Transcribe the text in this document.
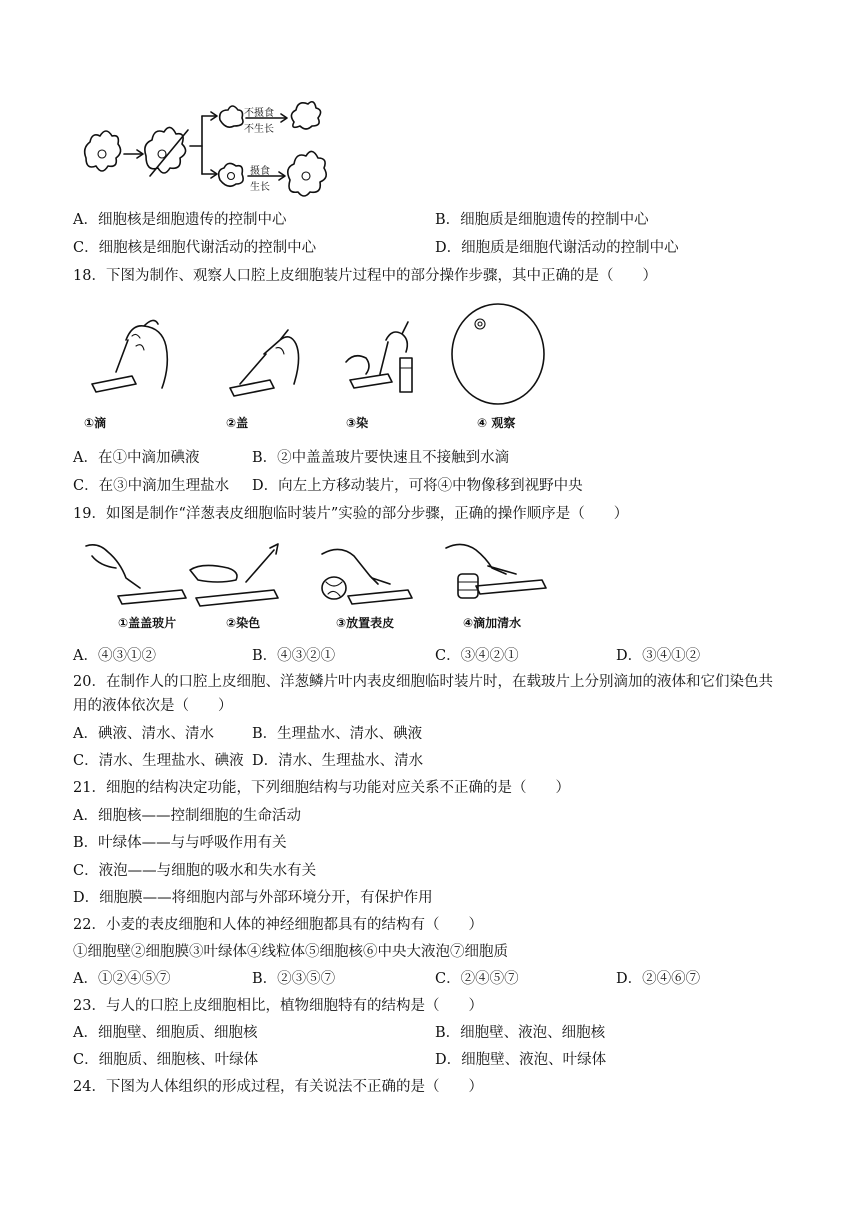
不摄食
不生长
摄食
生长
A．细胞核是细胞遗传的控制中心	B．细胞质是细胞遗传的控制中心
C．细胞核是细胞代谢活动的控制中心	D．细胞质是细胞代谢活动的控制中心
18．下图为制作、观察人口腔上皮细胞装片过程中的部分操作步骤，其中正确的是（　　）
①滴	②盖	③染	④ 观察
A．在①中滴加碘液	B．②中盖盖玻片要快速且不接触到水滴
C．在③中滴加生理盐水 D．向左上方移动装片，可将④中物像移到视野中央
19．如图是制作“洋葱表皮细胞临时装片”实验的部分步骤，正确的操作顺序是（　　）
①盖盖玻片	②染色	③放置表皮	④滴加清水
A．④③①②	B．④③②①	C．③④②①	D．③④①②
20．在制作人的口腔上皮细胞、洋葱鳞片叶内表皮细胞临时装片时，在载玻片上分别滴加的液体和它们染色共
用的液体依次是（　　）
A．碘液、清水、清水	B．生理盐水、清水、碘液
C．清水、生理盐水、碘液 D．清水、生理盐水、清水
21．细胞的结构决定功能，下列细胞结构与功能对应关系不正确的是（　　）
A．细胞核——控制细胞的生命活动
B．叶绿体——与与呼吸作用有关
C．液泡——与细胞的吸水和失水有关
D．细胞膜——将细胞内部与外部环境分开，有保护作用
22．小麦的表皮细胞和人体的神经细胞都具有的结构有（　　）
①细胞壁②细胞膜③叶绿体④线粒体⑤细胞核⑥中央大液泡⑦细胞质
A．①②④⑤⑦	B．②③⑤⑦	C．②④⑤⑦	D．②④⑥⑦
23．与人的口腔上皮细胞相比，植物细胞特有的结构是（　　）
A．细胞壁、细胞质、细胞核	B．细胞壁、液泡、细胞核
C．细胞质、细胞核、叶绿体	D．细胞壁、液泡、叶绿体
24．下图为人体组织的形成过程，有关说法不正确的是（　　）
